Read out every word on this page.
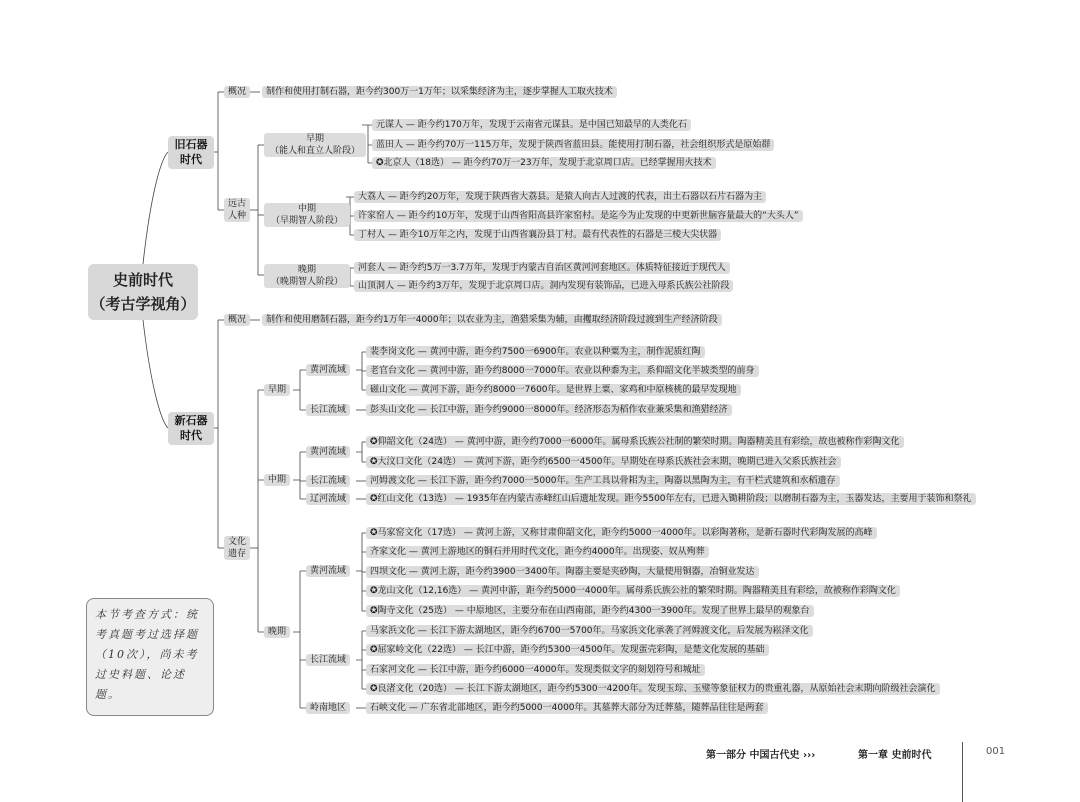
史前时代
（考古学视角）
旧石器
时代
概况	制作和使用打制石器，距今约300万一1万年；以采集经济为主，逐步掌握人工取火技术
远古
人种
早期
（能人和直立人阶段）
元谋人 — 距今约170万年，发现于云南省元谋县。是中国已知最早的人类化石
蓝田人 — 距今约70万一115万年，发现于陕西省蓝田县。能使用打制石器，社会组织形式是原始群
✪北京人（18选） — 距今约70万一23万年，发现于北京周口店。已经掌握用火技术
中期
（早期智人阶段）
大荔人 — 距今约20万年，发现于陕西省大荔县。是猿人向古人过渡的代表，出土石器以石片石器为主
许家窑人 — 距今约10万年，发现于山西省阳高县许家窑村。是迄今为止发现的中更新世脑容量最大的“大头人”
丁村人 — 距今10万年之内，发现于山西省襄汾县丁村。最有代表性的石器是三棱大尖状器
晚期
（晚期智人阶段）
河套人 — 距今约5万一3.7万年，发现于内蒙古自治区黄河河套地区。体质特征接近于现代人
山顶洞人 — 距今约3万年，发现于北京周口店。洞内发现有装饰品，已进入母系氏族公社阶段
新石器
时代
概况	制作和使用磨制石器，距今约1万年一4000年；以农业为主，渔猎采集为辅，由攫取经济阶段过渡到生产经济阶段
文化
遗存
早期
黄河流域
裴李岗文化 — 黄河中游，距今约7500一6900年。农业以种粟为主，制作泥质红陶
老官台文化 — 黄河中游，距今约8000一7000年。农业以种黍为主，系仰韶文化半坡类型的前身
磁山文化 — 黄河下游，距今约8000一7600年。是世界上粟、家鸡和中原核桃的最早发现地
长江流域	彭头山文化 — 长江中游，距今约9000一8000年。经济形态为稻作农业兼采集和渔猎经济
中期
黄河流域
✪仰韶文化（24选） — 黄河中游，距今约7000一6000年。属母系氏族公社制的繁荣时期。陶器精美且有彩绘，故也被称作彩陶文化
✪大汶口文化（24选） — 黄河下游，距今约6500一4500年。早期处在母系氏族社会末期，晚期已进入父系氏族社会
长江流域	河姆渡文化 — 长江下游，距今约7000一5000年。生产工具以骨耜为主，陶器以黑陶为主，有干栏式建筑和水稻遗存
辽河流域	✪红山文化（13选） — 1935年在内蒙古赤峰红山后遗址发现。距今5500年左右，已进入锄耕阶段；以磨制石器为主，玉器发达，主要用于装饰和祭礼
晚期
黄河流域
✪马家窑文化（17选） — 黄河上游，又称甘肃仰韶文化，距今约5000一4000年。以彩陶著称，是新石器时代彩陶发展的高峰
齐家文化 — 黄河上游地区的铜石并用时代文化，距今约4000年。出现姿、奴从殉葬
四坝文化 — 黄河上游，距今约3900一3400年。陶器主要是夹砂陶，大量使用铜器，冶铜业发达
✪龙山文化（12,16选） — 黄河中游，距今约5000一4000年。属母系氏族公社的繁荣时期。陶器精美且有彩绘，故被称作彩陶文化
✪陶寺文化（25选） — 中原地区，主要分布在山西南部，距今约4300一3900年。发现了世界上最早的观象台
长江流域
马家浜文化 — 长江下游太湖地区，距今约6700一5700年。马家浜文化承袭了河姆渡文化，后发展为崧泽文化
✪屈家岭文化（22选） — 长江中游，距今约5300一4500年。发现蛋壳彩陶，是楚文化发展的基础
石家河文化 — 长江中游，距今约6000一4000年。发现类似文字的刻划符号和城址
✪良渚文化（20选） — 长江下游太湖地区，距今约5300一4200年。发现玉琮、玉璧等象征权力的贵重礼器，从原始社会末期向阶级社会演化
岭南地区	石峡文化 — 广东省北部地区，距今约5000一4000年。其墓葬大部分为迁葬墓，随葬品往往是两套
本节考查方式：统考真题考过选择题（10次），尚未考过史料题、论述题。
第一部分 中国古代史 ›››	第一章 史前时代	001
